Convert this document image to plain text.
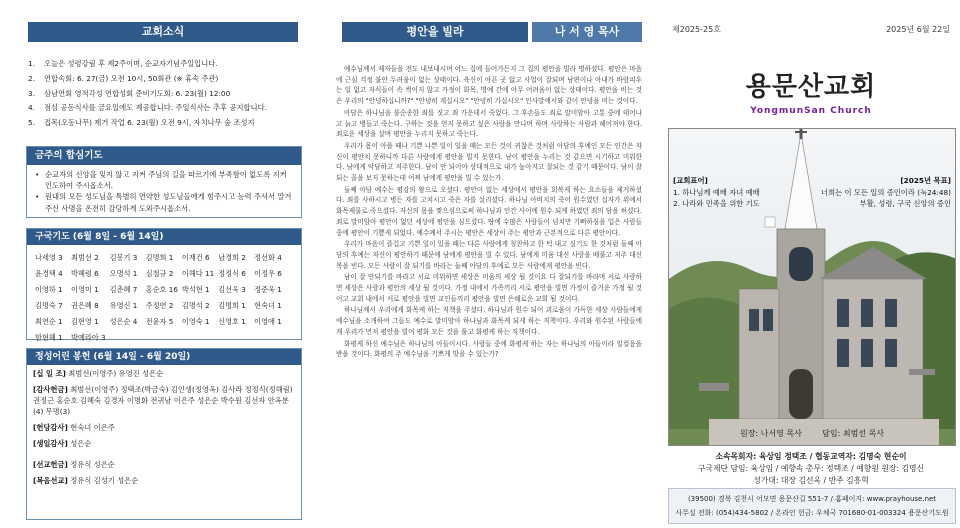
교회소식
1. 오늘은 성령강림 후 제2주이며, 순교자기념주일입니다.
2. 연합속회: 6. 27(금) 오전 10시, 50회관 (※ 휴속 주관)
3. 삼남연회 영적각성 연합성회 준비기도회: 6. 23(월) 12:00
4. 점심 공동식사를 금요일에도 제공합니다. 주일식사는 추후 공지합니다.
5. 접목(오동나무) 제거 작업 6. 23(월) 오전 9시, 자치나무 숲 조성지
금주의 합심기도
• 순교자의 신앙을 잊지 않고 지켜 주님의 길을 따르기에 부족함이 없도록 지켜 인도하여 주시옵소서.
• 원내의 모든 성도님을 특별히 연약한 성도님들에게 힘주시고 능력 주셔서 말겨 주신 사명을 온전히 감당하게 도와주시옵소서.
구국기도 (6월 8일 - 6월 14일)
나세영 3	최범선 2	김봉기 3	김명희 1	이재건 6	남경희 2	정선화 4
윤경택 4	박혜령 6	오명석 1	심철규 2	이해다 11	정정식 6	이정우 6
이영하 1	이영미 1	김춘혜 7	홍순호 16	박석현 1	김선욱 3	정준욱 1
김명숙 7	권은혜 8	유영신 1	주정연 2	김명석 2	김명희 1	현숙녀 1
최연순 1	김현영 1	성은순 4	전윤자 5	이영숙 1	신영호 1	이영애 1
한현혜 1	박예라아 3					
정성어린 봉헌 (6월 14일 - 6월 20일)
[십 일 조] 최범선(이영주) 유영진 성은순
[감사헌금] 최범선(이영주) 정택조(박금숙) 김인생(정영옥) 김사라 정정식(정해림) 권정근 홍순호 김혜숙 김경자 이명화 전귀남 이은주 성은순 박수원 김선자 안옥분(4) 무명(3)
[헌당감사] 현숙녀 이은주
[생일감사] 성은순
[선교헌금] 정유식 성은순
[복음선교] 정유식 김성기 성은순
평안을 빌라	나 서 영 목사

예수님께서 제자들을 전도 내보내시며 어느 집에 들어가든지 그 집의 평안을 빌라 명하셨다. 평안은 마음에 근심 걱정 불안 두려움이 없는 상태이다. 육신이 아픈 곳 없고 사업이 잘되며 남편이나 아내가 바람피우는 일 없고 자식들이 속 썩이지 않고 가정이 화목, 명예 간에 아무 어려움이 없는 상태이다. 평안을 비는 것은 우리의 "안녕하십니까?" "안녕히 계십시오" "안녕히 가십시오" 인사말에서와 같이 안녕을 비는 것이다.

아담은 하나님을 불순종한 죄를 짓고 죄 가운데서 죽었다. 그 후손들도 죄로 말미암아 고통 중에 태어나고 늙고 병들고 죽는다. 구하는 것을 얻지 못하고 싶은 사람을 만나며 하며 사랑하는 사람과 헤어져야 한다. 죄로운 세상을 살며 평안을 누리지 못하고 죽는다.

우리가 몸이 아플 때나 기쁜 나쁜 일이 일을 때는 모든 것이 귀찮은 것처럼 아담의 후예인 모든 인간은 자신이 평안치 못하니까 다른 사람에게 평안을 빌지 못한다. 남이 평안을 누리는 것 같으면 시기하고 미워한다. 남에게 악담하고 저주한다. 남이 안 되어야 상대적으로 내가 높아지고 잘되는 것 같기 때문이다. 남이 잘되는 꼴을 보지 못하는데 어찌 남에게 평안을 빌 수 있는가.

둘째 아담 예수는 평강의 왕으로 오셨다. 평안이 없는 세상에서 평안을 회복케 하는 요소들을 제거하셨다. 죄를 사하시고 병든 자를 고치시고 죽은 자를 살리셨다. 하나님 아버지의 죽어 원수였던 십자가 위에서 화목제물로 죽으셨다. 자신의 몸을 찢으심으로써 하나님과 인간 사이에 원수 되게 하였던 죄의 담을 허셨다. 죄로 말미암아 평안이 없던 세상에 평안을 심으셨다. 땅에 수많은 사람들이 넘치만 기뻐하심을 입은 사람들 중에 평안이 기쁨게 되었다. 예수께서 주시는 평안은 세상이 주는 평안과 근본적으로 다른 평안이다.

우리가 마음이 즐겁고 기쁜 일이 있을 때는 다른 사람에게 칭찬하고 한 턱 내고 싶기도 한 것처럼 둘째 아담의 후예는 자신이 평안하기 때문에 남에게 평안을 빌 수 있다. 남에게 미움 대신 사랑을 베풀고 저주 대신 복을 빈다. 모든 사람이 잘 되기를 바라는 둘째 아담의 후예로 모든 사람에게 평안을 빈다.

남이 잘 안되기를 바라고 서로 미워하면 세상은 미움의 세상 될 것이요 다 잘되기를 바라며 서로 사랑하면 세상은 사랑과 평안의 세상 될 것이다. 가정 내에서 가족끼리 서로 평안을 빌면 가정이 즐거운 가정 될 것이고 교회 내에서 서로 평안을 빌면 교인들끼리 평안을 빌면 은혜로운 교회 될 것이다.

하나님께서 우리에게 화목케 하는 직책을 주셨다. 하나님과 원수 되어 괴로움이 가득한 세상 사람들에게 예수님을 소개하여 그들도 예수로 말미암아 하나님과 화목케 되게 하는 직책이다. 우리와 원수된 사람들에게 우리가 먼저 평안을 빌어 평화 모든 것을 풀고 화평케 하는 직책이다.

화평케 하신 예수님은 하나님의 아들이시다. 사람들 중에 화평케 하는 자는 하나님의 아들이라 일컬음을 받을 것이다. 화평의 주 예수님을 기쁘게 맞을 수 있는가?

제2025-25호	2025년 6월 22일
용문산교회
YongmunSan Church
[교회표어]
1. 하나님께 예배 자녀 예배
2. 나라와 민족을 위한 기도
[2025년 목표]
너희는 이 모든 일의 증인이라 (눅24:48)
부활, 성령, 구국 신앙의 증인
원장: 나서영 목사        담임: 최범선 목사
소속목회자: 육상임 정택조 / 협동교역자: 김명숙 현순이
구국제단 담임: 육상임 / 예향속 총무: 정택조 / 예향원 원장: 김명신
성가대: 대장 김선욱 / 반주 김흥혁
(39500) 경북 김천시 어모면 용문산길 551-7 / 홈페이지: www.prayhouse.net
사무실 전화: (054)434-5802 / 온라인 헌금: 우체국 701680-01-003324 용문산기도원
